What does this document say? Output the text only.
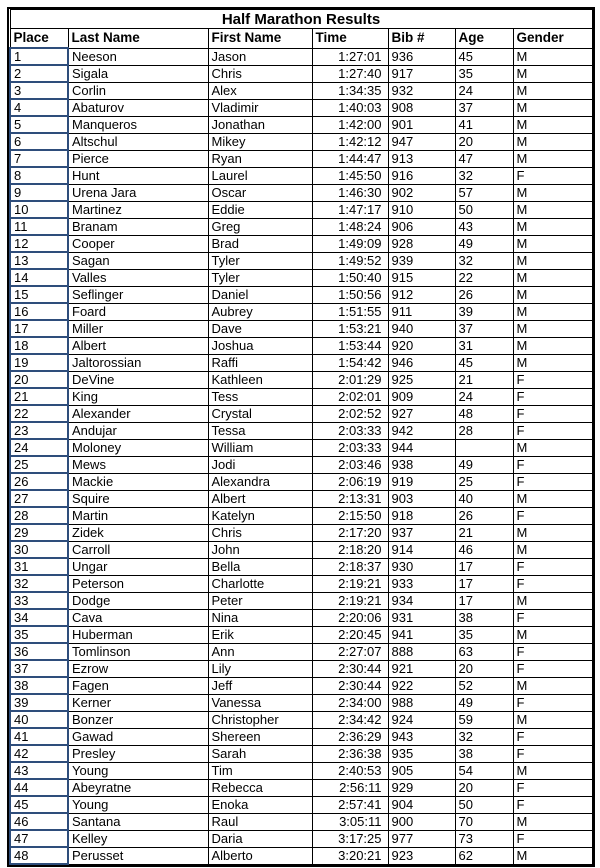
Half Marathon Results						
Place	Last Name	First Name	Time	Bib #	Age	Gender
1	Neeson	Jason	1:27:01	936	45	M
2	Sigala	Chris	1:27:40	917	35	M
3	Corlin	Alex	1:34:35	932	24	M
4	Abaturov	Vladimir	1:40:03	908	37	M
5	Manqueros	Jonathan	1:42:00	901	41	M
6	Altschul	Mikey	1:42:12	947	20	M
7	Pierce	Ryan	1:44:47	913	47	M
8	Hunt	Laurel	1:45:50	916	32	F
9	Urena Jara	Oscar	1:46:30	902	57	M
10	Martinez	Eddie	1:47:17	910	50	M
11	Branam	Greg	1:48:24	906	43	M
12	Cooper	Brad	1:49:09	928	49	M
13	Sagan	Tyler	1:49:52	939	32	M
14	Valles	Tyler	1:50:40	915	22	M
15	Seflinger	Daniel	1:50:56	912	26	M
16	Foard	Aubrey	1:51:55	911	39	M
17	Miller	Dave	1:53:21	940	37	M
18	Albert	Joshua	1:53:44	920	31	M
19	Jaltorossian	Raffi	1:54:42	946	45	M
20	DeVine	Kathleen	2:01:29	925	21	F
21	King	Tess	2:02:01	909	24	F
22	Alexander	Crystal	2:02:52	927	48	F
23	Andujar	Tessa	2:03:33	942	28	F
24	Moloney	William	2:03:33	944		M
25	Mews	Jodi	2:03:46	938	49	F
26	Mackie	Alexandra	2:06:19	919	25	F
27	Squire	Albert	2:13:31	903	40	M
28	Martin	Katelyn	2:15:50	918	26	F
29	Zidek	Chris	2:17:20	937	21	M
30	Carroll	John	2:18:20	914	46	M
31	Ungar	Bella	2:18:37	930	17	F
32	Peterson	Charlotte	2:19:21	933	17	F
33	Dodge	Peter	2:19:21	934	17	M
34	Cava	Nina	2:20:06	931	38	F
35	Huberman	Erik	2:20:45	941	35	M
36	Tomlinson	Ann	2:27:07	888	63	F
37	Ezrow	Lily	2:30:44	921	20	F
38	Fagen	Jeff	2:30:44	922	52	M
39	Kerner	Vanessa	2:34:00	988	49	F
40	Bonzer	Christopher	2:34:42	924	59	M
41	Gawad	Shereen	2:36:29	943	32	F
42	Presley	Sarah	2:36:38	935	38	F
43	Young	Tim	2:40:53	905	54	M
44	Abeyratne	Rebecca	2:56:11	929	20	F
45	Young	Enoka	2:57:41	904	50	F
46	Santana	Raul	3:05:11	900	70	M
47	Kelley	Daria	3:17:25	977	73	F
48	Perusset	Alberto	3:20:21	923	62	M
